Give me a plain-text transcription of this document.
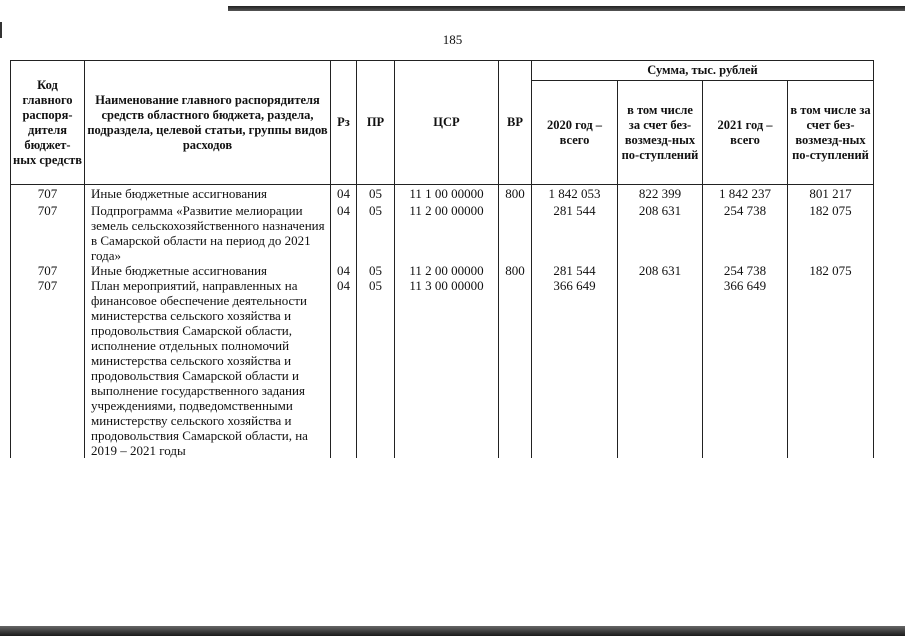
185
Код главного распоря-дителя бюджет-ных средств	Наименование главного распорядителя средств областного бюджета, раздела, подраздела, целевой статьи, группы видов расходов	Рз	ПР	ЦСР	ВР	Сумма, тыс. рублей			
						2020 год – всего	в том числе за счет без-возмезд-ных по-ступлений	2021 год – всего	в том числе за счет без-возмезд-ных по-ступлений
707	Иные бюджетные ассигнования	04	05	11 1 00 00000	800	1 842 053	822 399	1 842 237	801 217
707	Подпрограмма «Развитие мелиорации земель сельскохозяйственного назначения в Самарской области на период до 2021 года»	04	05	11 2 00 00000		281 544	208 631	254 738	182 075
707	Иные бюджетные ассигнования	04	05	11 2 00 00000	800	281 544	208 631	254 738	182 075
707	План мероприятий, направленных на финансовое обеспечение деятельности министерства сельского хозяйства и продовольствия Самарской области, исполнение отдельных полномочий министерства сельского хозяйства и продовольствия Самарской области и выполнение государственного задания учреждениями, подведомственными министерству сельского хозяйства и продовольствия Самарской области, на 2019 – 2021 годы	04	05	11 3 00 00000		366 649		366 649	
